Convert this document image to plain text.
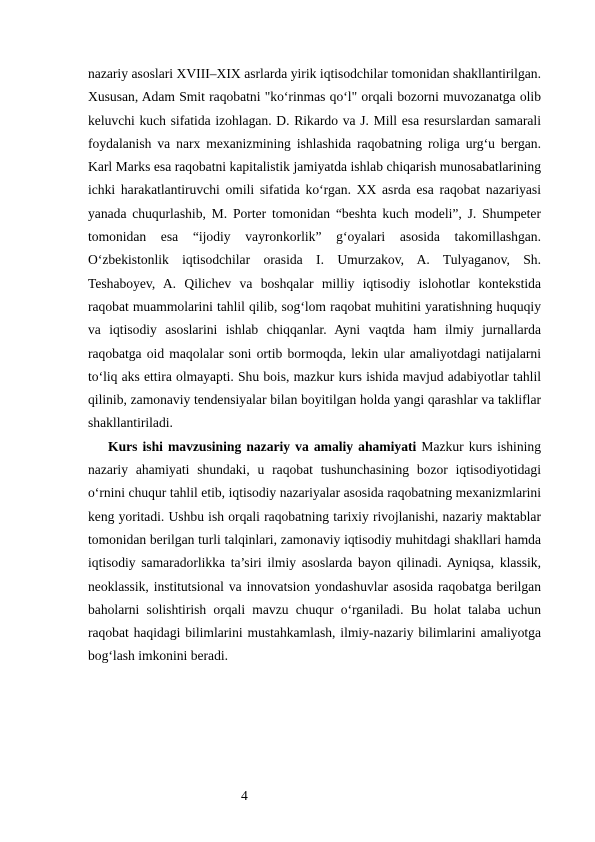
nazariy asoslari XVIII–XIX asrlarda yirik iqtisodchilar tomonidan shakllantirilgan. Xususan, Adam Smit raqobatni "ko‘rinmas qo‘l" orqali bozorni muvozanatga olib keluvchi kuch sifatida izohlagan. D. Rikardo va J. Mill esa resurslardan samarali foydalanish va narx mexanizmining ishlashida raqobatning roliga urg‘u bergan. Karl Marks esa raqobatni kapitalistik jamiyatda ishlab chiqarish munosabatlarining ichki harakatlantiruvchi omili sifatida ko‘rgan. XX asrda esa raqobat nazariyasi yanada chuqurlashib, M. Porter tomonidan “beshta kuch modeli”, J. Shumpeter tomonidan esa “ijodiy vayronkorlik” g‘oyalari asosida takomillashgan. O‘zbekistonlik iqtisodchilar orasida I. Umurzakov, A. Tulyaganov, Sh. Teshaboyev, A. Qilichev va boshqalar milliy iqtisodiy islohotlar kontekstida raqobat muammolarini tahlil qilib, sog‘lom raqobat muhitini yaratishning huquqiy va iqtisodiy asoslarini ishlab chiqqanlar. Ayni vaqtda ham ilmiy jurnallarda raqobatga oid maqolalar soni ortib bormoqda, lekin ular amaliyotdagi natijalarni to‘liq aks ettira olmayapti. Shu bois, mazkur kurs ishida mavjud adabiyotlar tahlil qilinib, zamonaviy tendensiyalar bilan boyitilgan holda yangi qarashlar va takliflar shakllantiriladi.

Kurs ishi mavzusining nazariy va amaliy ahamiyati Mazkur kurs ishining nazariy ahamiyati shundaki, u raqobat tushunchasining bozor iqtisodiyotidagi o‘rnini chuqur tahlil etib, iqtisodiy nazariyalar asosida raqobatning mexanizmlarini keng yoritadi. Ushbu ish orqali raqobatning tarixiy rivojlanishi, nazariy maktablar tomonidan berilgan turli talqinlari, zamonaviy iqtisodiy muhitdagi shakllari hamda iqtisodiy samaradorlikka ta’siri ilmiy asoslarda bayon qilinadi. Ayniqsa, klassik, neoklassik, institutsional va innovatsion yondashuvlar asosida raqobatga berilgan baholarni solishtirish orqali mavzu chuqur o‘rganiladi. Bu holat talaba uchun raqobat haqidagi bilimlarini mustahkamlash, ilmiy-nazariy bilimlarini amaliyotga bog‘lash imkonini beradi.

4
